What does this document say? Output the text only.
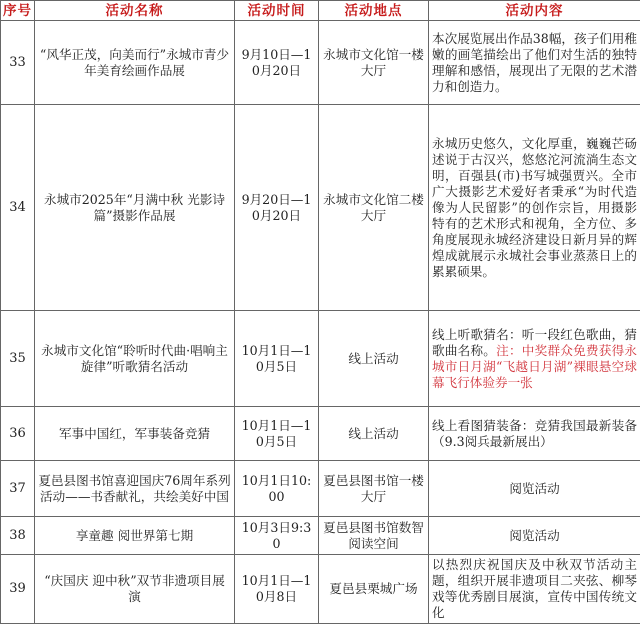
序号	活动名称	活动时间	活动地点	活动内容
33	“风华正茂，向美而行”永城市青少年美育绘画作品展	9月10日—10月20日	永城市文化馆一楼大厅	本次展览展出作品38幅，孩子们用稚嫩的画笔描绘出了他们对生活的独特理解和感悟，展现出了无限的艺术潜力和创造力。
34	永城市2025年“月满中秋 光影诗篇”摄影作品展	9月20日—10月20日	永城市文化馆二楼大厅	永城历史悠久，文化厚重，巍巍芒砀述说于古汉兴，悠悠沱河流淌生态文明，百强县(市)书写城强贾兴。全市广大摄影艺术爱好者秉承“为时代造像为人民留影”的创作宗旨，用摄影特有的艺术形式和视角，全方位、多角度展现永城经济建设日新月异的辉煌成就展示永城社会事业蒸蒸日上的累累硕果。
35	永城市文化馆“聆听时代曲·唱响主旋律”听歌猜名活动	10月1日—10月5日	线上活动	线上听歌猜名：听一段红色歌曲，猜歌曲名称。注：中奖群众免费获得永城市日月湖“飞越日月湖”裸眼悬空球幕飞行体验券一张
36	军事中国红，军事装备竞猜	10月1日—10月5日	线上活动	线上看图猜装备：竞猜我国最新装备（9.3阅兵最新展出）
37	夏邑县图书馆喜迎国庆76周年系列活动——书香献礼，共绘美好中国	10月1日10:00	夏邑县图书馆一楼大厅	阅览活动
38	享童趣 阅世界第七期	10月3日9:30	夏邑县图书馆数智阅读空间	阅览活动
39	“庆国庆 迎中秋”双节非遗项目展演	10月1日—10月8日	夏邑县栗城广场	以热烈庆祝国庆及中秋双节活动主题，组织开展非遗项目二夹弦、柳琴戏等优秀剧目展演，宣传中国传统文化
